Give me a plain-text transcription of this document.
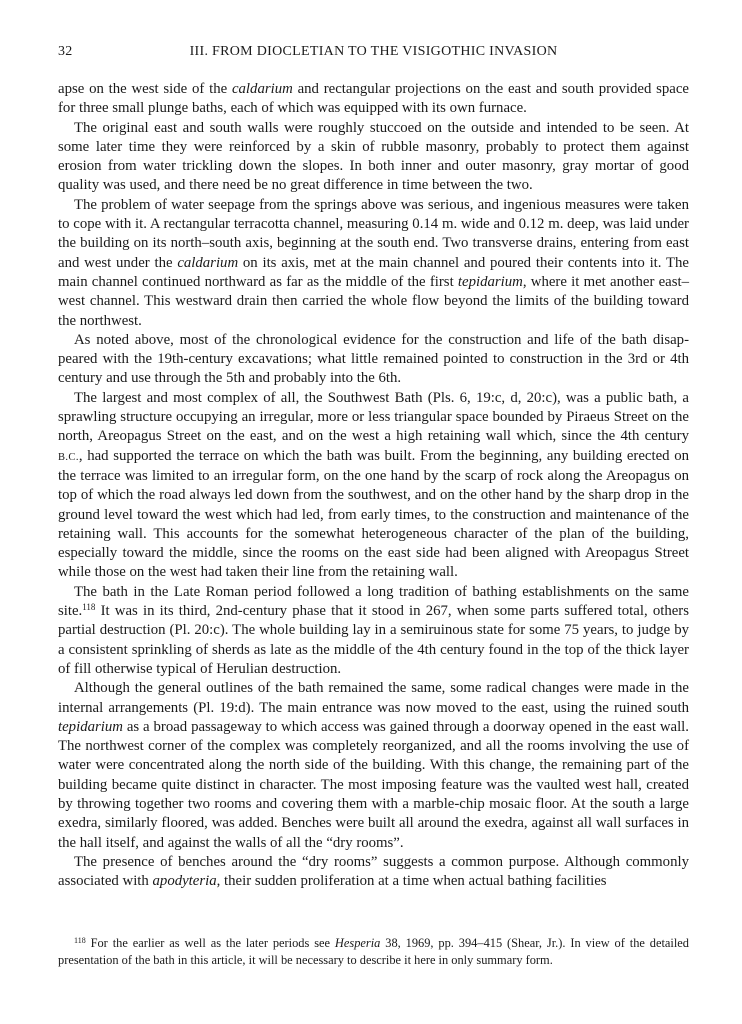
32	III. FROM DIOCLETIAN TO THE VISIGOTHIC INVASION

apse on the west side of the caldarium and rectangular projections on the east and south provided space for three small plunge baths, each of which was equipped with its own furnace.

The original east and south walls were roughly stuccoed on the outside and intended to be seen. At some later time they were reinforced by a skin of rubble masonry, probably to protect them against erosion from water trickling down the slopes. In both inner and outer masonry, gray mortar of good quality was used, and there need be no great difference in time between the two.

The problem of water seepage from the springs above was serious, and ingenious measures were taken to cope with it. A rectangular terracotta channel, measuring 0.14 m. wide and 0.12 m. deep, was laid under the building on its north–south axis, beginning at the south end. Two transverse drains, entering from east and west under the caldarium on its axis, met at the main channel and poured their contents into it. The main channel continued northward as far as the middle of the first tepidarium, where it met another east–west channel. This westward drain then carried the whole flow beyond the limits of the building toward the northwest.

As noted above, most of the chronological evidence for the construction and life of the bath disappeared with the 19th-century excavations; what little remained pointed to construction in the 3rd or 4th century and use through the 5th and probably into the 6th.

The largest and most complex of all, the Southwest Bath (Pls. 6, 19:c, d, 20:c), was a public bath, a sprawling structure occupying an irregular, more or less triangular space bounded by Piraeus Street on the north, Areopagus Street on the east, and on the west a high retaining wall which, since the 4th century B.C., had supported the terrace on which the bath was built. From the beginning, any building erected on the terrace was limited to an irregular form, on the one hand by the scarp of rock along the Areopagus on top of which the road always led down from the southwest, and on the other hand by the sharp drop in the ground level toward the west which had led, from early times, to the construction and maintenance of the retaining wall. This accounts for the somewhat heterogeneous character of the plan of the building, especially toward the middle, since the rooms on the east side had been aligned with Areopagus Street while those on the west had taken their line from the retaining wall.

The bath in the Late Roman period followed a long tradition of bathing establishments on the same site.$^{118}$ It was in its third, 2nd-century phase that it stood in 267, when some parts suffered total, others partial destruction (Pl. 20:c). The whole building lay in a semiruinous state for some 75 years, to judge by a consistent sprinkling of sherds as late as the middle of the 4th century found in the top of the thick layer of fill otherwise typical of Herulian destruction.

Although the general outlines of the bath remained the same, some radical changes were made in the internal arrangements (Pl. 19:d). The main entrance was now moved to the east, using the ruined south tepidarium as a broad passageway to which access was gained through a doorway opened in the east wall. The northwest corner of the complex was completely reorganized, and all the rooms involving the use of water were concentrated along the north side of the building. With this change, the remaining part of the building became quite distinct in character. The most imposing feature was the vaulted west hall, created by throwing together two rooms and covering them with a marble-chip mosaic floor. At the south a large exedra, similarly floored, was added. Benches were built all around the exedra, against all wall surfaces in the hall itself, and against the walls of all the “dry rooms”.

The presence of benches around the “dry rooms” suggests a common purpose. Although commonly associated with apodyteria, their sudden proliferation at a time when actual bathing facilities

$^{118}$ For the earlier as well as the later periods see Hesperia 38, 1969, pp. 394–415 (Shear, Jr.). In view of the detailed presentation of the bath in this article, it will be necessary to describe it here in only summary form.
